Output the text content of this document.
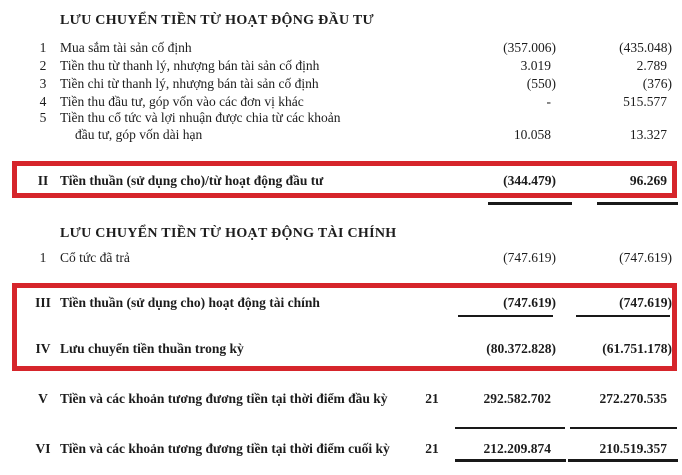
LƯU CHUYỂN TIỀN TỪ HOẠT ĐỘNG ĐẦU TƯ
1	Mua sắm tài sản cố định	(357.006)	(435.048)
2	Tiền thu từ thanh lý, nhượng bán tài sản cố định	3.019	2.789
3	Tiền chi từ thanh lý, nhượng bán tài sản cố định	(550)	(376)
4	Tiền thu đầu tư, góp vốn vào các đơn vị khác	-	515.577
5	Tiền thu cổ tức và lợi nhuận được chia từ các khoản
đầu tư, góp vốn dài hạn	10.058	13.327
II Tiền thuần (sử dụng cho)/từ hoạt động đầu tư	(344.479)	96.269
LƯU CHUYỂN TIỀN TỪ HOẠT ĐỘNG TÀI CHÍNH
1	Cổ tức đã trả	(747.619)	(747.619)
III Tiền thuần (sử dụng cho) hoạt động tài chính	(747.619)	(747.619)
IV Lưu chuyển tiền thuần trong kỳ	(80.372.828)	(61.751.178)
V Tiền và các khoản tương đương tiền tại thời điểm đầu kỳ	21	292.582.702	272.270.535
VI Tiền và các khoản tương đương tiền tại thời điểm cuối kỳ	21	212.209.874	210.519.357
